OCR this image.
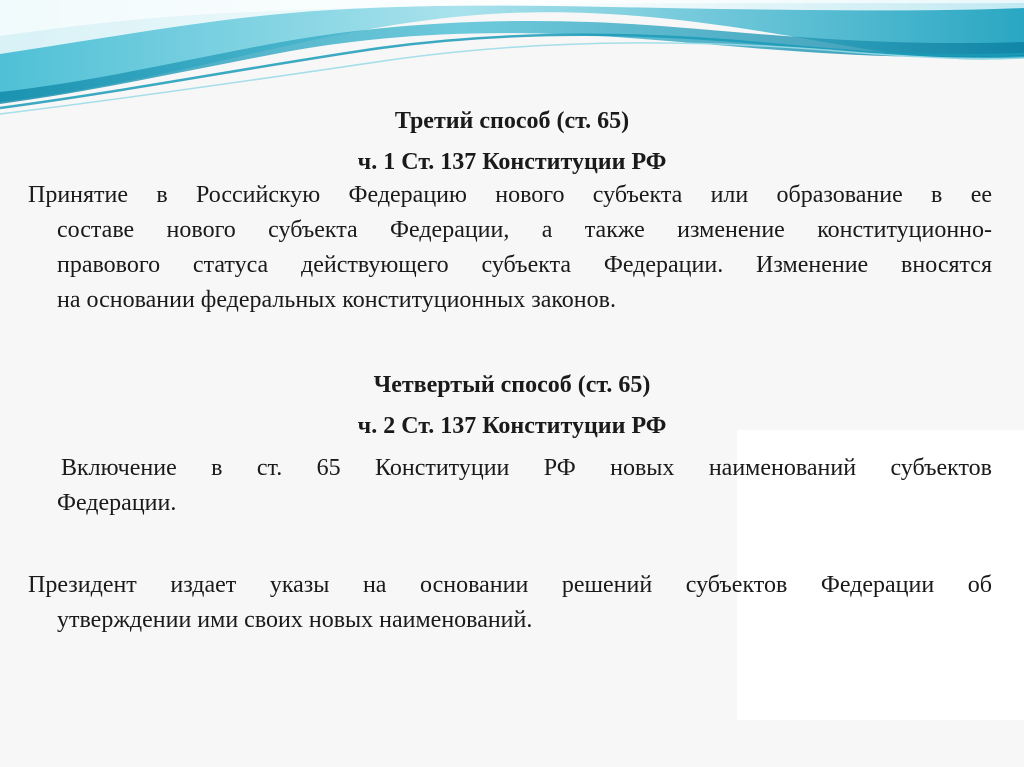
Третий способ (ст. 65)
ч. 1 Ст. 137 Конституции РФ

Принятие в Российскую Федерацию нового субъекта или образование в ее
составе нового субъекта Федерации, а также изменение конституционно-
правового статуса действующего субъекта Федерации. Изменение вносятся
на основании федеральных конституционных законов.

Четвертый способ (ст. 65)
ч. 2 Ст. 137 Конституции РФ

Включение в ст. 65 Конституции РФ новых наименований субъектов
Федерации.

Президент издает указы на основании решений субъектов Федерации об
утверждении ими своих новых наименований.
